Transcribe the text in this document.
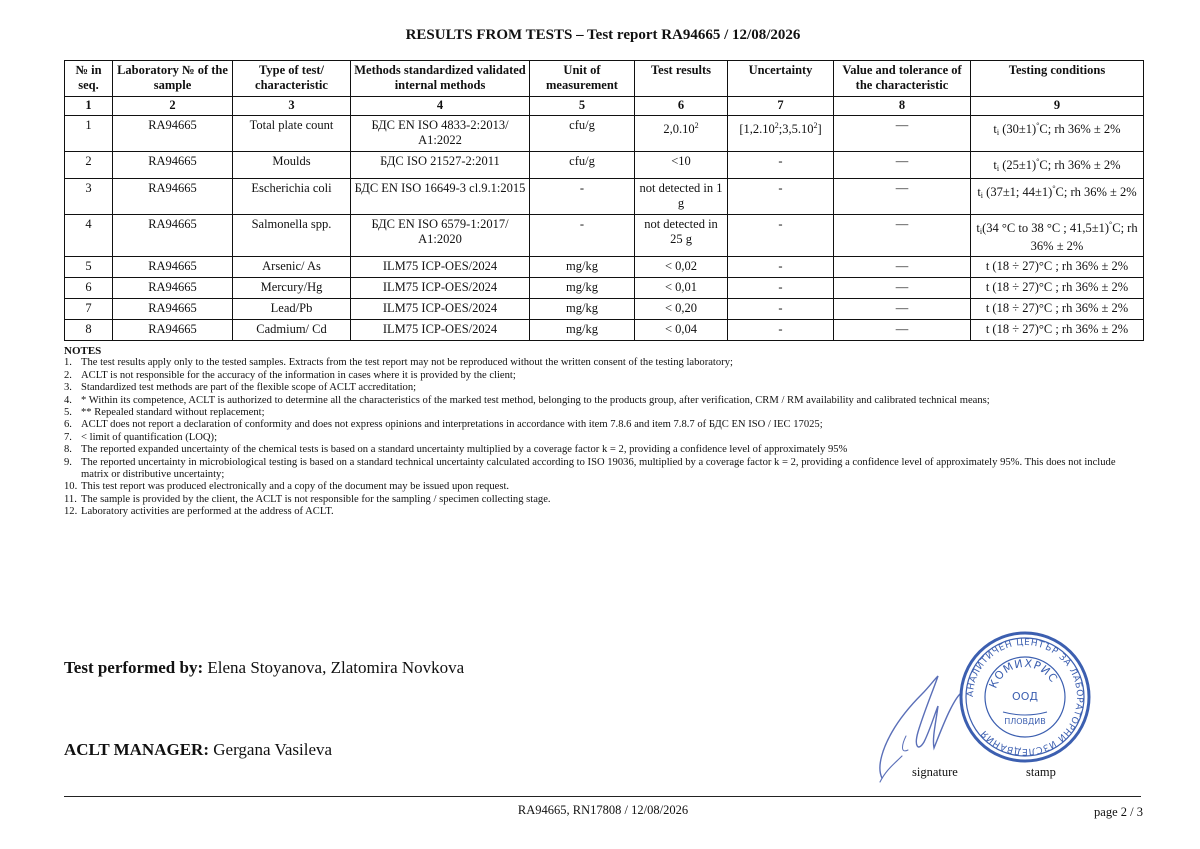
RESULTS FROM TESTS – Test report RA94665 / 12/08/2026
№ in seq.	Laboratory № of the sample	Type of test/ characteristic	Methods standardized validated internal methods	Unit of measurement	Test results	Uncertainty	Value and tolerance of the characteristic	Testing conditions
1	2	3	4	5	6	7	8	9
1	RA94665	Total plate count	БДС EN ISO 4833-2:2013/ A1:2022	cfu/g	2,0.10$^2$	[1,2.10$^2$;3,5.10$^2$]	—	$t_i$ (30±1)°C; rh 36% ± 2%
2	RA94665	Moulds	БДС ISO 21527-2:2011	cfu/g	<10	-	—	$t_i$ (25±1)°C; rh 36% ± 2%
3	RA94665	Escherichia coli	БДС EN ISO 16649-3 cl.9.1:2015	-	not detected in 1 g	-	—	$t_i$ (37±1; 44±1)°C; rh 36% ± 2%
4	RA94665	Salmonella spp.	БДС EN ISO 6579-1:2017/ A1:2020	-	not detected in 25 g	-	—	$t_i(34$ °C to 38 °C ; 41,5±1)°C; rh 36% ± 2%
5	RA94665	Arsenic/ As	ILM75 ICP-OES/2024	mg/kg	< 0,02	-	—	t (18 ÷ 27)°C ; rh 36% ± 2%
6	RA94665	Mercury/Hg	ILM75 ICP-OES/2024	mg/kg	< 0,01	-	—	t (18 ÷ 27)°C ; rh 36% ± 2%
7	RA94665	Lead/Pb	ILM75 ICP-OES/2024	mg/kg	< 0,20	-	—	t (18 ÷ 27)°C ; rh 36% ± 2%
8	RA94665	Cadmium/ Cd	ILM75 ICP-OES/2024	mg/kg	< 0,04	-	—	t (18 ÷ 27)°C ; rh 36% ± 2%
NOTES
1. The test results apply only to the tested samples. Extracts from the test report may not be reproduced without the written consent of the testing laboratory;
2. ACLT is not responsible for the accuracy of the information in cases where it is provided by the client;
3. Standardized test methods are part of the flexible scope of ACLT accreditation;
4. * Within its competence, ACLT is authorized to determine all the characteristics of the marked test method, belonging to the products group, after verification, CRM / RM availability and calibrated technical means;
5. ** Repealed standard without replacement;
6. ACLT does not report a declaration of conformity and does not express opinions and interpretations in accordance with item 7.8.6 and item 7.8.7 of БДС EN ISO / IEC 17025;
7. < limit of quantification (LOQ);
8. The reported expanded uncertainty of the chemical tests is based on a standard uncertainty multiplied by a coverage factor k = 2, providing a confidence level of approximately 95%
9. The reported uncertainty in microbiological testing is based on a standard technical uncertainty calculated according to ISO 19036, multiplied by a coverage factor k = 2, providing a confidence level of approximately 95%. This does not include matrix or distributive uncertainty;
10. This test report was produced electronically and a copy of the document may be issued upon request.
11. The sample is provided by the client, the ACLT is not responsible for the sampling / specimen collecting stage.
12. Laboratory activities are performed at the address of ACLT.
Test performed by: Elena Stoyanova, Zlatomira Novkova
ACLT MANAGER: Gergana Vasileva
АНАЛИТИЧЕН ЦЕНТЪР ЗА ЛАБОРАТОРНИ ИЗСЛЕДВАНИЯ
КОМИХРИС
ООД
ПЛОВДИВ
signature	stamp
RA94665, RN17808 / 12/08/2026	page 2 / 3
